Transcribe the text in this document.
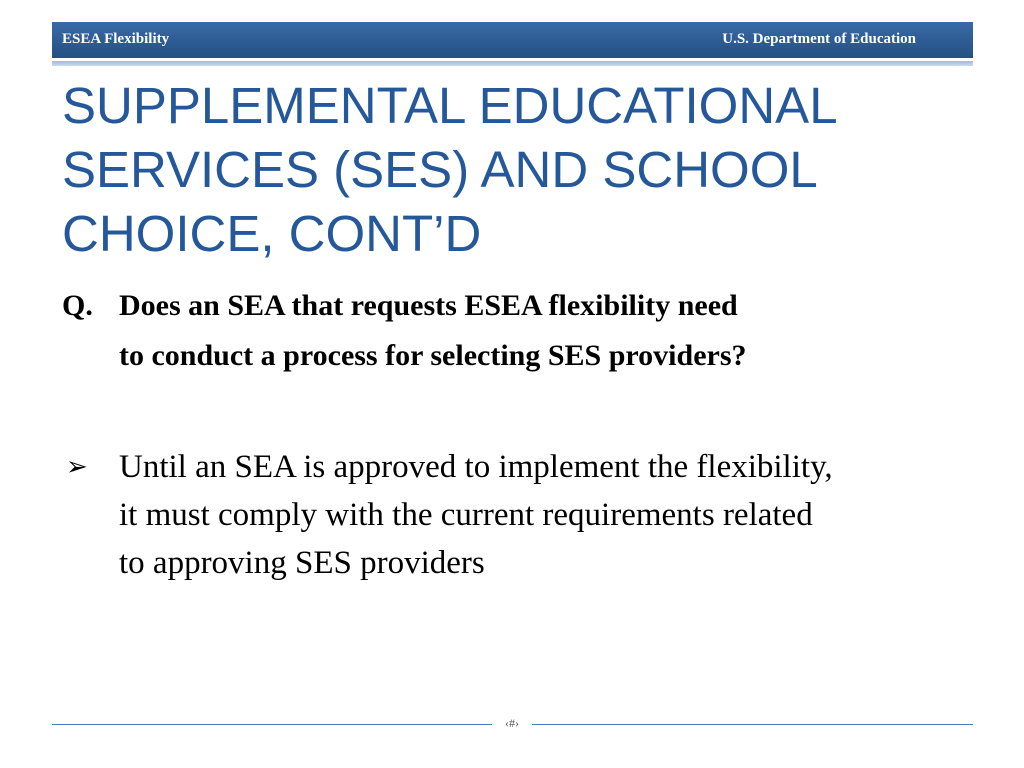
ESEA Flexibility	U.S. Department of Education
SUPPLEMENTAL EDUCATIONAL
SERVICES (SES) AND SCHOOL
CHOICE, CONT’D
Q. Does an SEA that requests ESEA flexibility need
to conduct a process for selecting SES providers?
➢ Until an SEA is approved to implement the flexibility,
it must comply with the current requirements related
to approving SES providers
‹#›
